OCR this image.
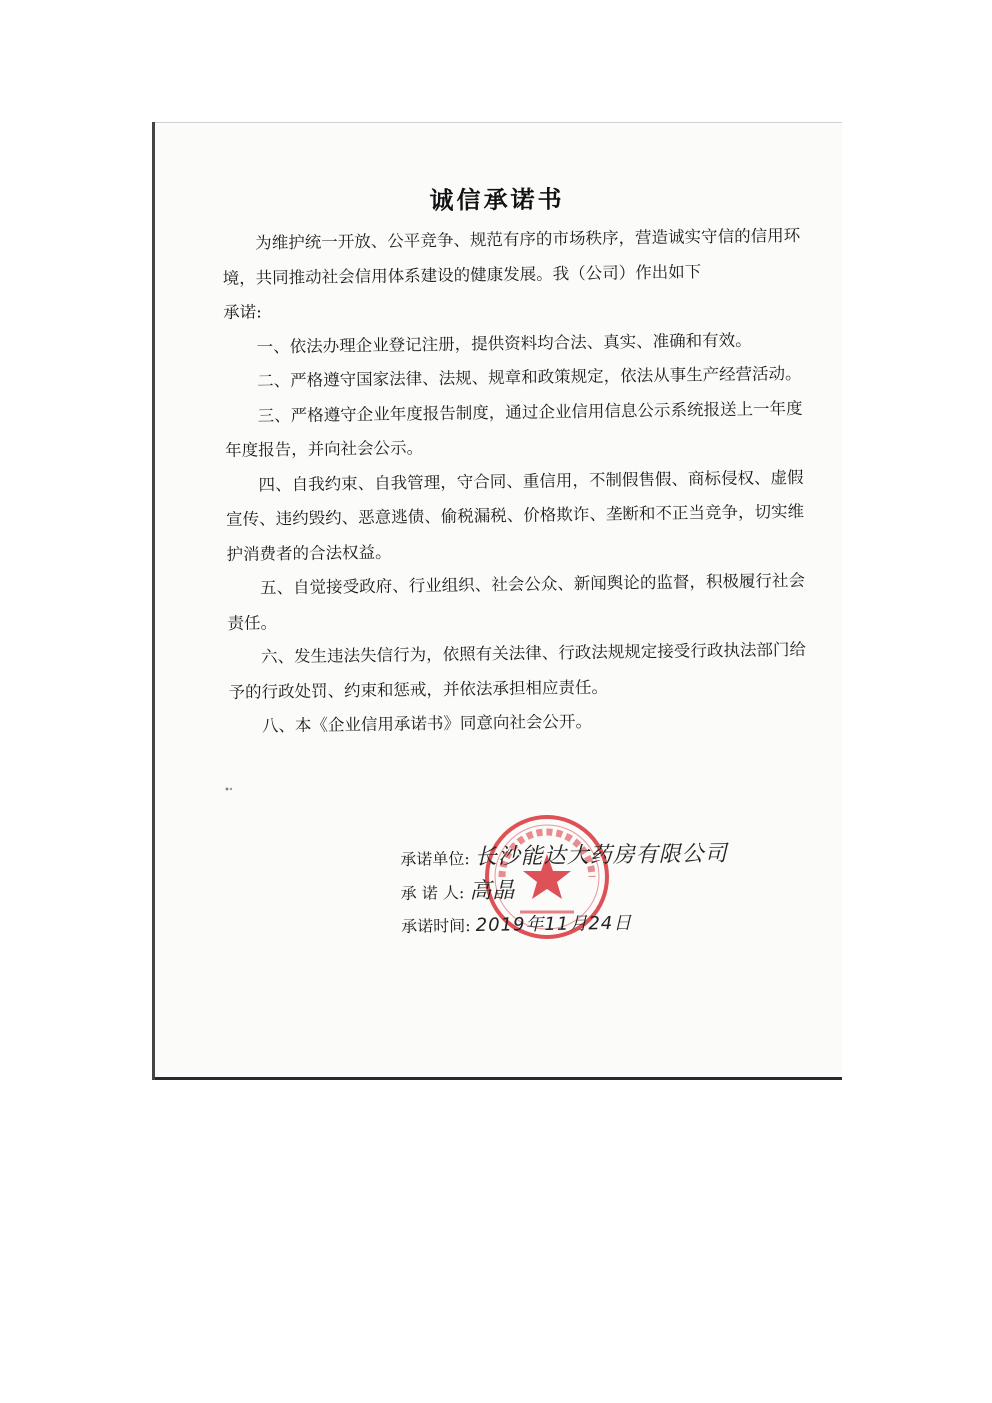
诚信承诺书

为维护统一开放、公平竞争、规范有序的市场秩序，营造诚实守信的信用环境，共同推动社会信用体系建设的健康发展。我（公司）作出如下

承诺:

一、依法办理企业登记注册，提供资料均合法、真实、准确和有效。

二、严格遵守国家法律、法规、规章和政策规定，依法从事生产经营活动。

三、严格遵守企业年度报告制度，通过企业信用信息公示系统报送上一年度年度报告，并向社会公示。

四、自我约束、自我管理，守合同、重信用，不制假售假、商标侵权、虚假宣传、违约毁约、恶意逃债、偷税漏税、价格欺诈、垄断和不正当竞争，切实维护消费者的合法权益。

五、自觉接受政府、行业组织、社会公众、新闻舆论的监督，积极履行社会责任。

六、发生违法失信行为，依照有关法律、行政法规规定接受行政执法部门给予的行政处罚、约束和惩戒，并依法承担相应责任。

八、本《企业信用承诺书》同意向社会公开。

承诺单位: 长沙能达大药房有限公司
承 诺 人: 高晶
承诺时间: 2019年11月24日
